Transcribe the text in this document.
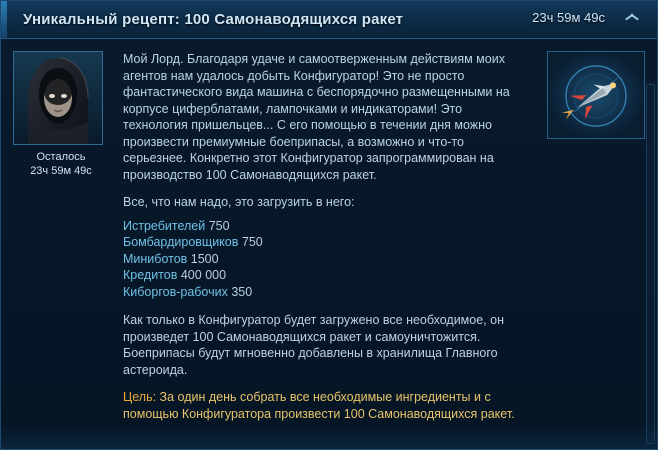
Уникальный рецепт: 100 Самонаводящихся ракет	23ч 59м 49с
Осталось
23ч 59м 49с

Мой Лорд. Благодаря удаче и самоотверженным действиям моих агентов нам удалось добыть Конфигуратор! Это не просто фантастического вида машина с беспорядочно размещенными на корпусе циферблатами, лампочками и индикаторами! Это технология пришельцев... С его помощью в течении дня можно произвести премиумные боеприпасы, а возможно и что-то серьезнее. Конкретно этот Конфигуратор запрограммирован на производство 100 Самонаводящихся ракет.

Все, что нам надо, это загрузить в него:

Истребителей 750
Бомбардировщиков 750
Миниботов 1500
Кредитов 400 000
Киборгов-рабочих 350

Как только в Конфигуратор будет загружено все необходимое, он произведет 100 Самонаводящихся ракет и самоуничтожится. Боеприпасы будут мгновенно добавлены в хранилища Главного астероида.

Цель: За один день собрать все необходимые ингредиенты и с помощью Конфигуратора произвести 100 Самонаводящихся ракет.
